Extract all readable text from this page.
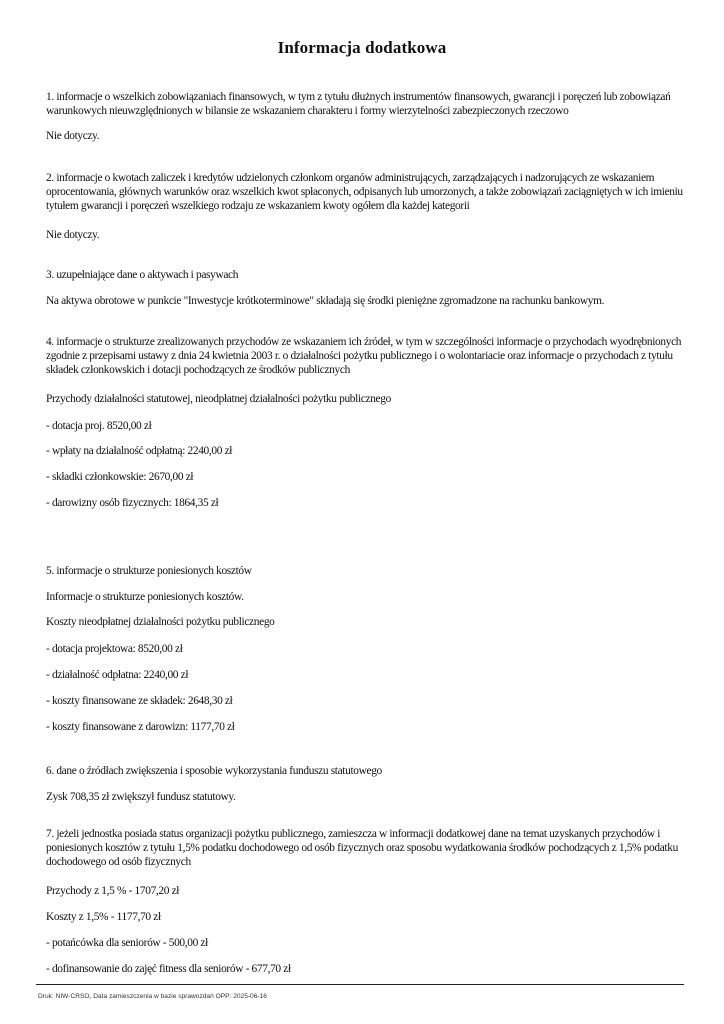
Informacja dodatkowa
1. informacje o wszelkich zobowiązaniach finansowych, w tym z tytułu dłużnych instrumentów finansowych, gwarancji i poręczeń lub zobowiązań warunkowych nieuwzględnionych w bilansie ze wskazaniem charakteru i formy wierzytelności zabezpieczonych rzeczowo
Nie dotyczy.
2. informacje o kwotach zaliczek i kredytów udzielonych członkom organów administrujących, zarządzających i nadzorujących ze wskazaniem oprocentowania, głównych warunków oraz wszelkich kwot spłaconych, odpisanych lub umorzonych, a także zobowiązań zaciągniętych w ich imieniu tytułem gwarancji i poręczeń wszelkiego rodzaju ze wskazaniem kwoty ogółem dla każdej kategorii
Nie dotyczy.
3. uzupełniające dane o aktywach i pasywach
Na aktywa obrotowe w punkcie "Inwestycje krótkoterminowe" składają się środki pieniężne zgromadzone na rachunku bankowym.
4. informacje o strukturze zrealizowanych przychodów ze wskazaniem ich źródeł, w tym w szczególności informacje o przychodach wyodrębnionych zgodnie z przepisami ustawy z dnia 24 kwietnia 2003 r. o działalności pożytku publicznego i o wolontariacie oraz informacje o przychodach z tytułu składek członkowskich i dotacji pochodzących ze środków publicznych
Przychody działalności statutowej, nieodpłatnej działalności pożytku publicznego
- dotacja proj. 8520,00 zł
- wpłaty na działalność odpłatną: 2240,00 zł
- składki członkowskie: 2670,00 zł
- darowizny osób fizycznych: 1864,35 zł
5. informacje o strukturze poniesionych kosztów
Informacje o strukturze poniesionych kosztów.
Koszty nieodpłatnej działalności pożytku publicznego
- dotacja projektowa: 8520,00 zł
- działalność odpłatna: 2240,00 zł
- koszty finansowane ze składek: 2648,30 zł
- koszty finansowane z darowizn: 1177,70 zł
6. dane o źródłach zwiększenia i sposobie wykorzystania funduszu statutowego
Zysk 708,35 zł zwiększył fundusz statutowy.
7. jeżeli jednostka posiada status organizacji pożytku publicznego, zamieszcza w informacji dodatkowej dane na temat uzyskanych przychodów i poniesionych kosztów z tytułu 1,5% podatku dochodowego od osób fizycznych oraz sposobu wydatkowania środków pochodzących z 1,5% podatku dochodowego od osób fizycznych
Przychody z 1,5 % - 1707,20 zł
Koszty z 1,5% - 1177,70 zł
- potańcówka dla seniorów - 500,00 zł
- dofinansowanie do zajęć fitness dla seniorów - 677,70 zł
Druk: NIW-CRSO, Data zamieszczenia w bazie sprawozdań OPP: 2025-06-16
